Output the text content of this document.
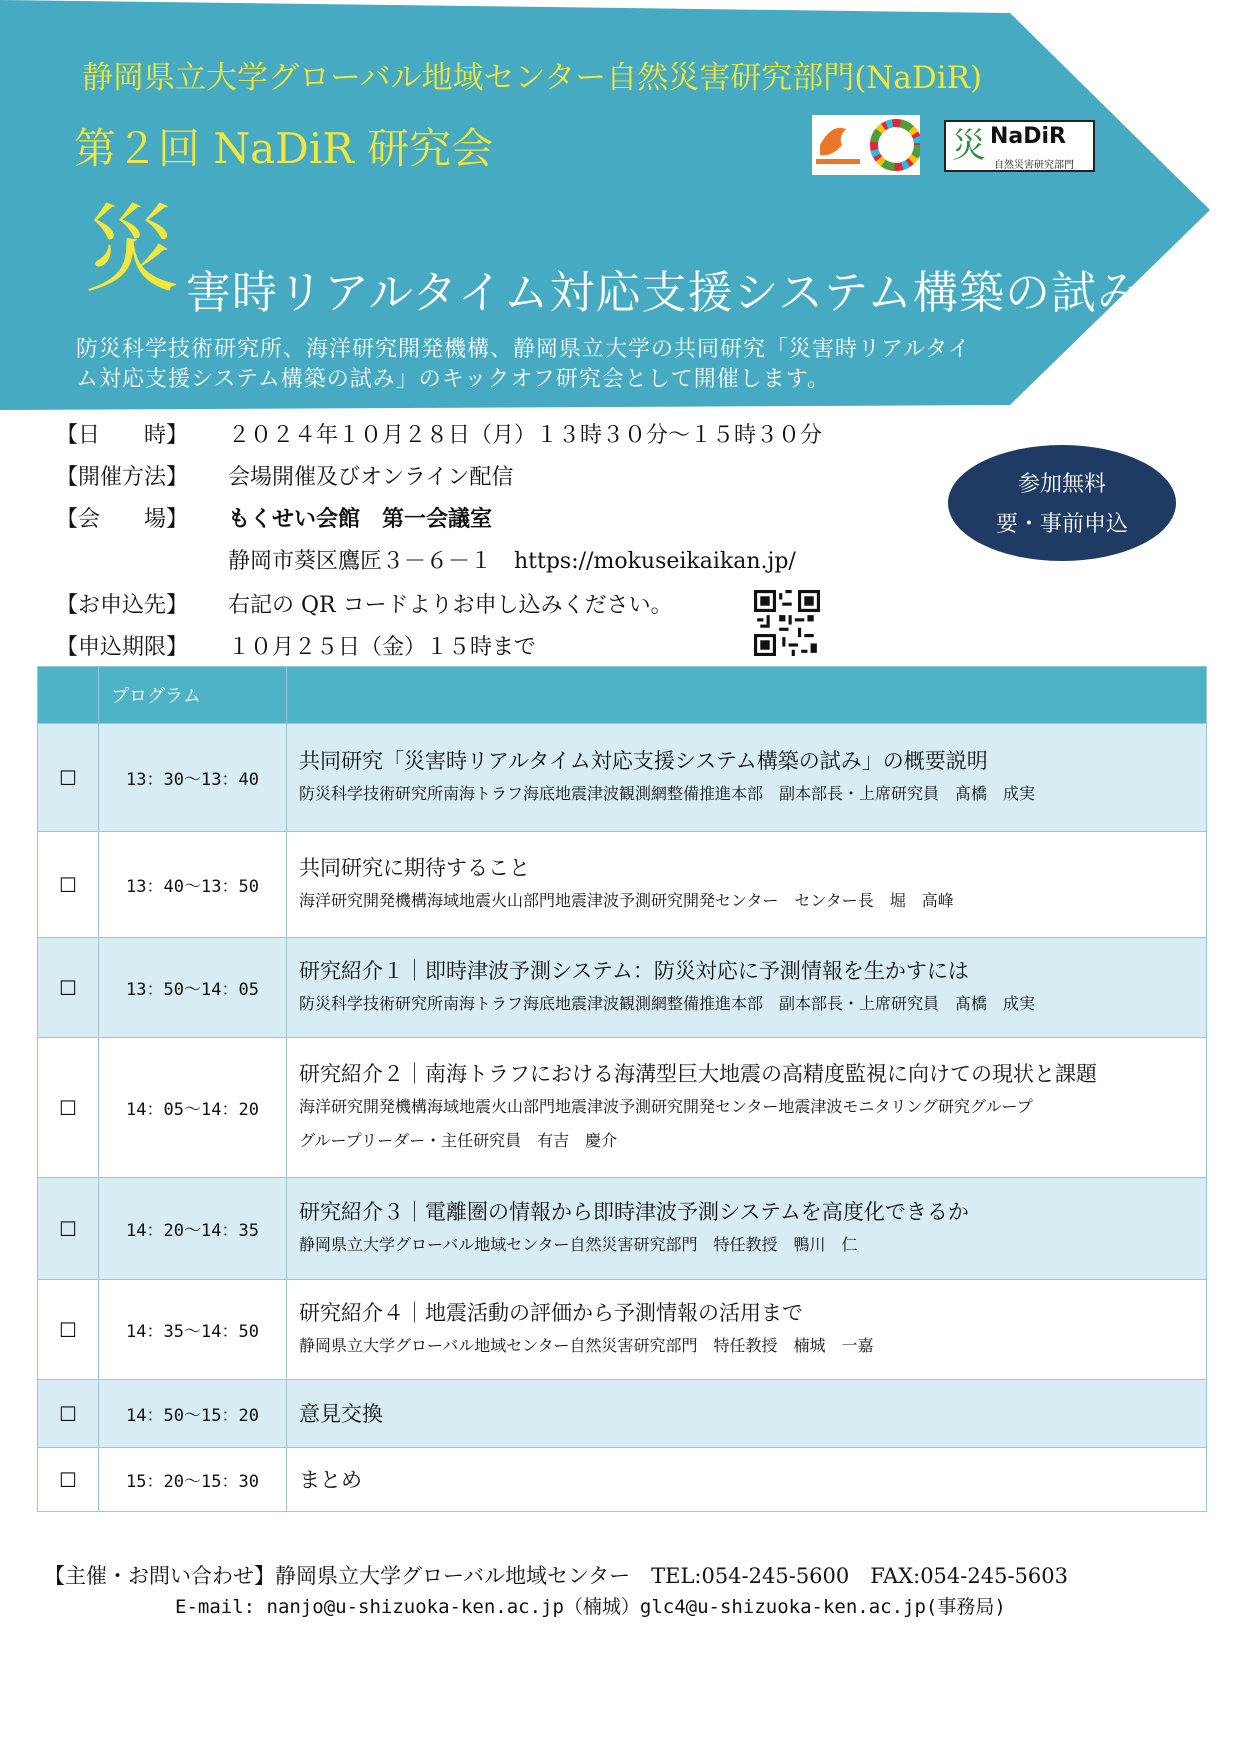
静岡県立大学グローバル地域センター自然災害研究部門(NaDiR)
第２回 NaDiR 研究会
災 害時リアルタイム対応支援システム構築の試み
防災科学技術研究所、海洋研究開発機構、静岡県立大学の共同研究「災害時リアルタイ
ム対応支援システム構築の試み」のキックオフ研究会として開催します。
災 NaDiR
自然災害研究部門
【日　　時】 ２０２４年１０月２８日（月）１３時３０分～１５時３０分
【開催方法】 会場開催及びオンライン配信
【会　　場】 もくせい会館　第一会議室
静岡市葵区鷹匠３－６－１　https://mokuseikaikan.jp/
【お申込先】 右記の QR コードよりお申し込みください。
【申込期限】 １０月２５日（金）１５時まで
参加無料
要・事前申込
	プログラム	
☐	13：30～13：40	共同研究「災害時リアルタイム対応支援システム構築の試み」の概要説明
防災科学技術研究所南海トラフ海底地震津波観測網整備推進本部　副本部長・上席研究員　髙橋　成実

☐	13：40～13：50	共同研究に期待すること
海洋研究開発機構海域地震火山部門地震津波予測研究開発センター　センター長　堀　高峰

☐	13：50～14：05	研究紹介１｜即時津波予測システム：防災対応に予測情報を生かすには
防災科学技術研究所南海トラフ海底地震津波観測網整備推進本部　副本部長・上席研究員　髙橋　成実

☐	14：05～14：20	研究紹介２｜南海トラフにおける海溝型巨大地震の高精度監視に向けての現状と課題
海洋研究開発機構海域地震火山部門地震津波予測研究開発センター地震津波モニタリング研究グループ
グループリーダー・主任研究員　有吉　慶介

☐	14：20～14：35	研究紹介３｜電離圏の情報から即時津波予測システムを高度化できるか
静岡県立大学グローバル地域センター自然災害研究部門　特任教授　鴨川　仁

☐	14：35～14：50	研究紹介４｜地震活動の評価から予測情報の活用まで
静岡県立大学グローバル地域センター自然災害研究部門　特任教授　楠城　一嘉

☐	14：50～15：20	意見交換

☐	15：20～15：30	まとめ
【主催・お問い合わせ】静岡県立大学グローバル地域センター　TEL:054-245-5600　FAX:054-245-5603
E-mail: nanjo@u-shizuoka-ken.ac.jp（楠城）glc4@u-shizuoka-ken.ac.jp(事務局)
